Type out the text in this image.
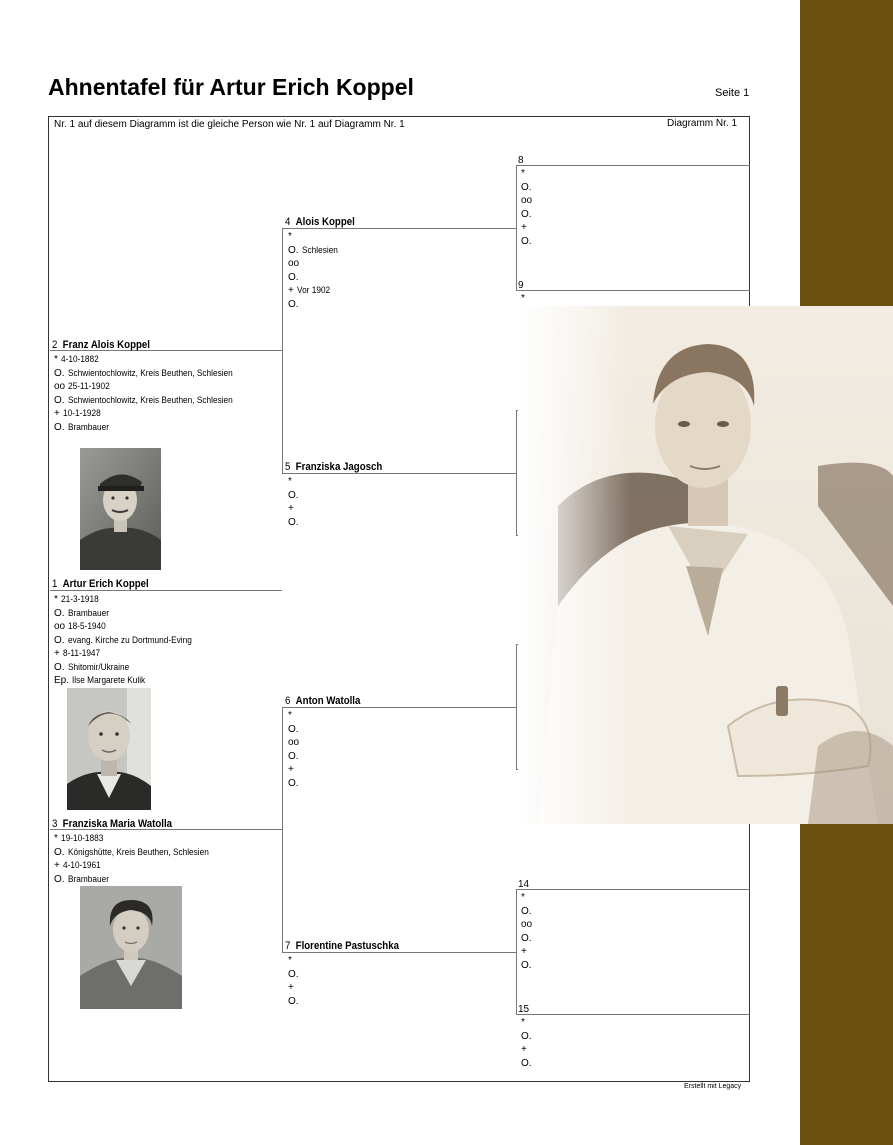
Ahnentafel für Artur Erich Koppel	Seite 1
Nr. 1 auf diesem Diagramm ist die gleiche Person wie Nr. 1 auf Diagramm Nr. 1	Diagramm Nr. 1
2 Franz Alois Koppel
* 4-10-1882
O. Schwientochlowitz, Kreis Beuthen, Schlesien
oo 25-11-1902
O. Schwientochlowitz, Kreis Beuthen, Schlesien
+ 10-1-1928
O. Brambauer
1 Artur Erich Koppel
* 21-3-1918
O. Brambauer
oo 18-5-1940
O. evang. Kirche zu Dortmund-Eving
+ 8-11-1947
O. Shitomir/Ukraine
Ep. Ilse Margarete Kulik
3 Franziska Maria Watolla
* 19-10-1883
O. Königshütte, Kreis Beuthen, Schlesien
+ 4-10-1961
O. Brambauer
4 Alois Koppel
*
O. Schlesien
oo
O.
+ Vor 1902
O.
5 Franziska Jagosch
*
O.
+
O.
6 Anton Watolla
*
O.
oo
O.
+
O.
7 Florentine Pastuschka
*
O.
+
O.
8
*
O.
oo
O.
+
O.
9
*
14
*
O.
oo
O.
+
O.
15
*
O.
+
O.
Erstellt mit Legacy
